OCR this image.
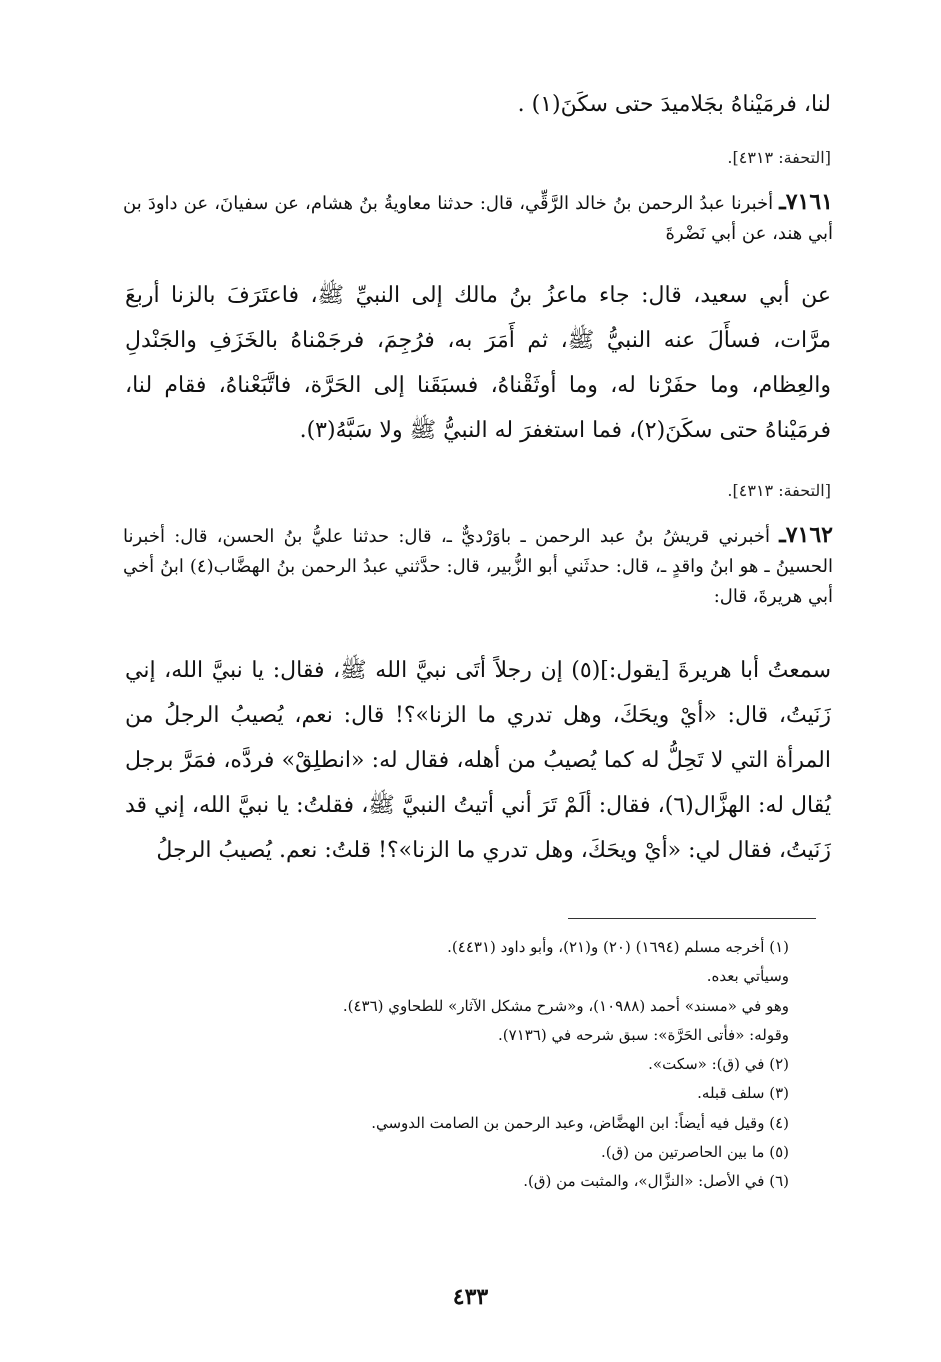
لنا، فرمَيْناهُ بجَلاميدَ حتى سكَنَ(١) .
[التحفة: ٤٣١٣].
٧١٦١ـ أخبرنا عبدُ الرحمن بنُ خالد الرَّقِّي، قال: حدثنا معاويةُ بنُ هشام، عن سفيانَ، عن داودَ بن أبي هند، عن أبي نَضْرةَ
عن أبي سعيد، قال: جاء ماعزُ بنُ مالك إلى النبيِّ ﷺ، فاعتَرَفَ بالزنا أربعَ مرَّات، فسأَلَ عنه النبيُّ ﷺ، ثم أَمَرَ به، فرُجِمَ، فرجَمْناهُ بالخَزَفِ والجَنْدلِ والعِظام، وما حفَرْنا له، وما أوثَقْناهُ، فسبَقَنا إلى الحَرَّة، فاتَّبَعْناهُ، فقام لنا، فرمَيْناهُ حتى سكَنَ(٢)، فما استغفرَ له النبيُّ ﷺ ولا سَبَّهُ(٣).
[التحفة: ٤٣١٣].
٧١٦٢ـ أخبرني قريشُ بنُ عبد الرحمن ـ باوَرْديٌّ ـ، قال: حدثنا عليُّ بنُ الحسن، قال: أخبرنا الحسينُ ـ هو ابنُ واقدٍ ـ، قال: حدثَني أبو الزُّبير، قال: حدَّثني عبدُ الرحمن بنُ الهضَّاب(٤) ابنُ أخي أبي هريرةَ، قال:
سمعتُ أبا هريرةَ [يقول:](٥) إن رجلاً أتَى نبيَّ الله ﷺ، فقال: يا نبيَّ الله، إني زَنَيتُ، قال: «أيْ ويحَكَ، وهل تدري ما الزنا»؟! قال: نعم، يُصيبُ الرجلُ من المرأة التي لا تَحِلُّ له كما يُصيبُ من أهله، فقال له: «انطلِقْ» فردَّه، فمَرَّ برجل يُقال له: الهزَّال(٦)، فقال: ألَمْ تَرَ أني أتيتُ النبيَّ ﷺ، فقلتُ: يا نبيَّ الله، إني قد زَنَيتُ، فقال لي: «أيْ ويحَكَ، وهل تدري ما الزنا»؟! قلتُ: نعم. يُصيبُ الرجلُ
(١) أخرجه مسلم (١٦٩٤) (٢٠) و(٢١)، وأبو داود (٤٤٣١).
وسيأتي بعده.
وهو في «مسند» أحمد (١٠٩٨٨)، و«شرح مشكل الآثار» للطحاوي (٤٣٦).
وقوله: «فأتى الحَرَّة»: سبق شرحه في (٧١٣٦).
(٢) في (ق): «سكت».
(٣) سلف قبله.
(٤) وقيل فيه أيضاً: ابن الهضَّاض، وعبد الرحمن بن الصامت الدوسي.
(٥) ما بين الحاصرتين من (ق).
(٦) في الأصل: «النزَّال»، والمثبت من (ق).
٤٣٣
